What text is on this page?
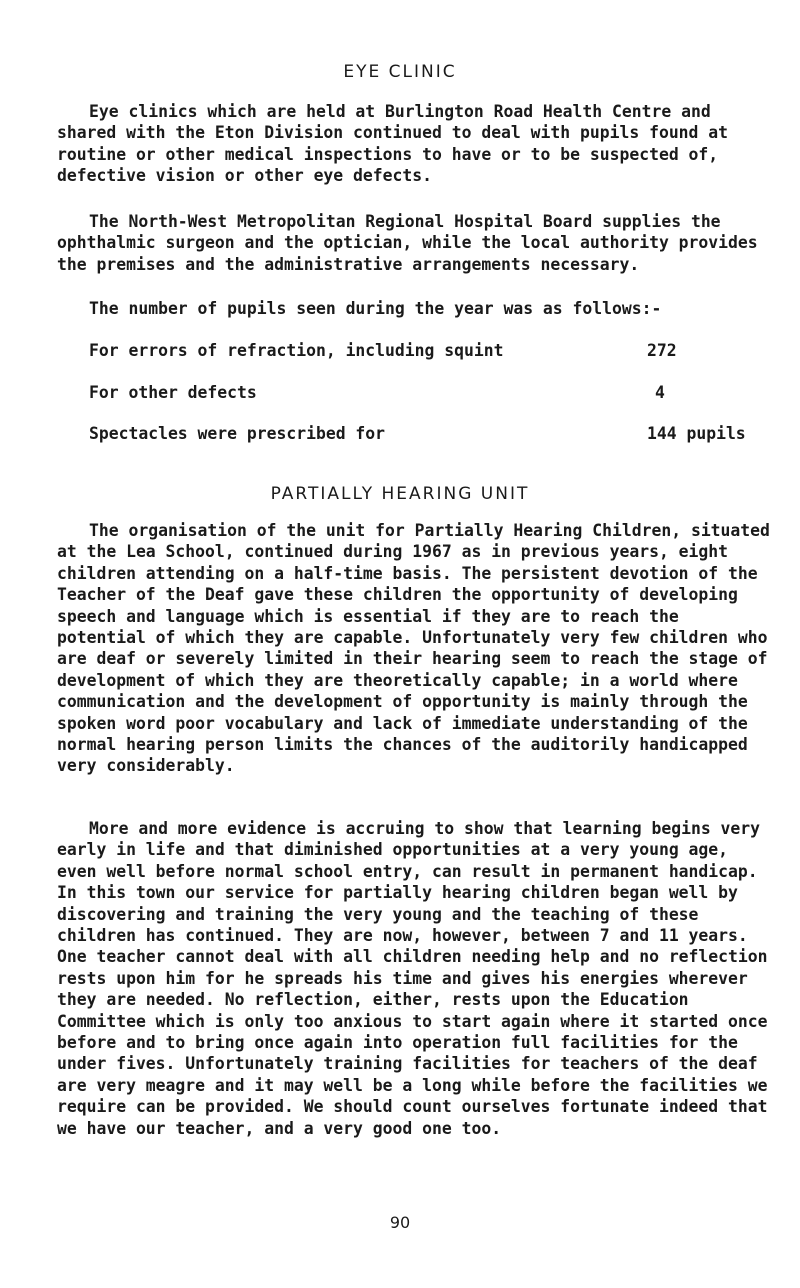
EYE CLINIC

Eye clinics which are held at Burlington Road Health Centre and shared with the Eton Division continued to deal with pupils found at routine or other medical inspections to have or to be suspected of, defective vision or other eye defects.

The North-West Metropolitan Regional Hospital Board supplies the ophthalmic surgeon and the optician, while the local authority provides the premises and the administrative arrangements necessary.

The number of pupils seen during the year was as follows:-

For errors of refraction, including squint	272
For other defects	4
Spectacles were prescribed for	144 pupils
PARTIALLY HEARING UNIT

The organisation of the unit for Partially Hearing Children, situated at the Lea School, continued during 1967 as in previous years, eight children attending on a half-time basis. The persistent devotion of the Teacher of the Deaf gave these children the opportunity of developing speech and language which is essential if they are to reach the potential of which they are capable. Unfortunately very few children who are deaf or severely limited in their hearing seem to reach the stage of development of which they are theoretically capable; in a world where communication and the development of opportunity is mainly through the spoken word poor vocabulary and lack of immediate understanding of the normal hearing person limits the chances of the auditorily handicapped very considerably.

More and more evidence is accruing to show that learning begins very early in life and that diminished opportunities at a very young age, even well before normal school entry, can result in permanent handicap. In this town our service for partially hearing children began well by discovering and training the very young and the teaching of these children has continued. They are now, however, between 7 and 11 years. One teacher cannot deal with all children needing help and no reflection rests upon him for he spreads his time and gives his energies wherever they are needed. No reflection, either, rests upon the Education Committee which is only too anxious to start again where it started once before and to bring once again into operation full facilities for the under fives. Unfortunately training facilities for teachers of the deaf are very meagre and it may well be a long while before the facilities we require can be provided. We should count ourselves fortunate indeed that we have our teacher, and a very good one too.

90
